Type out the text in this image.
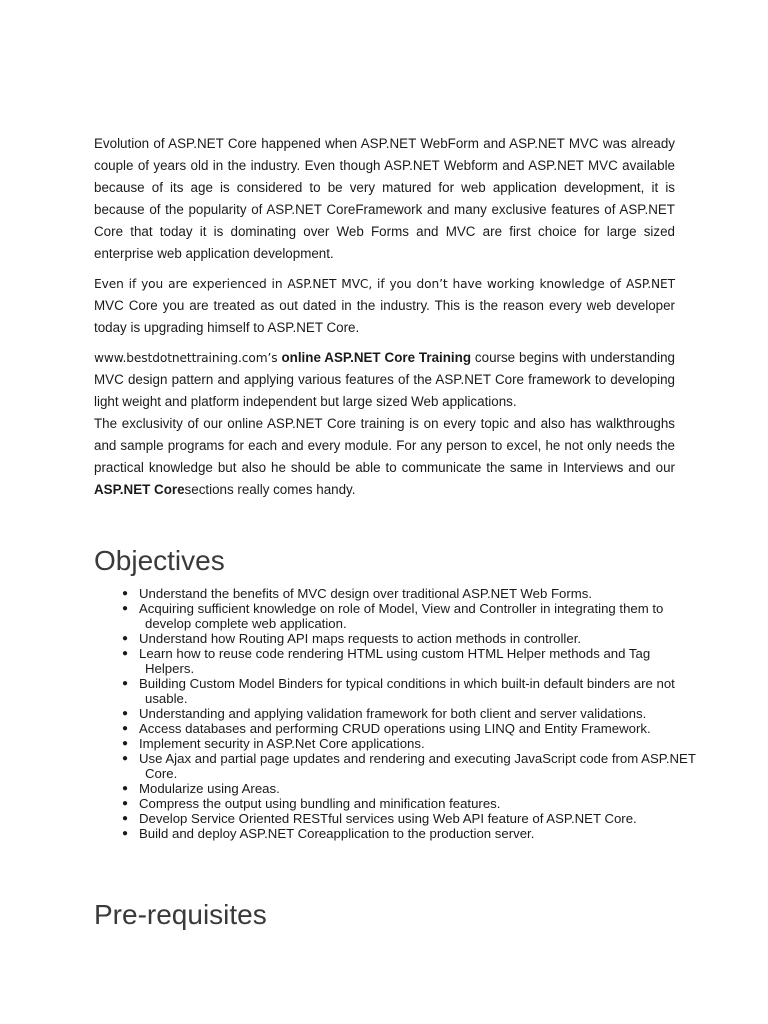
Evolution of ASP.NET Core happened when ASP.NET WebForm and ASP.NET MVC was already couple of years old in the industry. Even though ASP.NET Webform and ASP.NET MVC available because of its age is considered to be very matured for web application development, it is because of the popularity of ASP.NET CoreFramework and many exclusive features of ASP.NET Core that today it is dominating over Web Forms and MVC are first choice for large sized enterprise web application development.

Even if you are experienced in ASP.NET MVC, if you don’t have working knowledge of ASP.NET MVC Core you are treated as out dated in the industry. This is the reason every web developer today is upgrading himself to ASP.NET Core.

www.bestdotnettraining.com’s online ASP.NET Core Training course begins with understanding MVC design pattern and applying various features of the ASP.NET Core framework to developing light weight and platform independent but large sized Web applications.

The exclusivity of our online ASP.NET Core training is on every topic and also has walkthroughs and sample programs for each and every module. For any person to excel, he not only needs the practical knowledge but also he should be able to communicate the same in Interviews and our ASP.NET Coresections really comes handy.

Objectives
● Understand the benefits of MVC design over traditional ASP.NET Web Forms.
● Acquiring sufficient knowledge on role of Model, View and Controller in integrating them to develop complete web application.
● Understand how Routing API maps requests to action methods in controller.
● Learn how to reuse code rendering HTML using custom HTML Helper methods and Tag Helpers.
● Building Custom Model Binders for typical conditions in which built-in default binders are not usable.
● Understanding and applying validation framework for both client and server validations.
● Access databases and performing CRUD operations using LINQ and Entity Framework.
● Implement security in ASP.Net Core applications.
● Use Ajax and partial page updates and rendering and executing JavaScript code from ASP.NET Core.
● Modularize using Areas.
● Compress the output using bundling and minification features.
● Develop Service Oriented RESTful services using Web API feature of ASP.NET Core.
● Build and deploy ASP.NET Coreapplication to the production server.
Pre-requisites
